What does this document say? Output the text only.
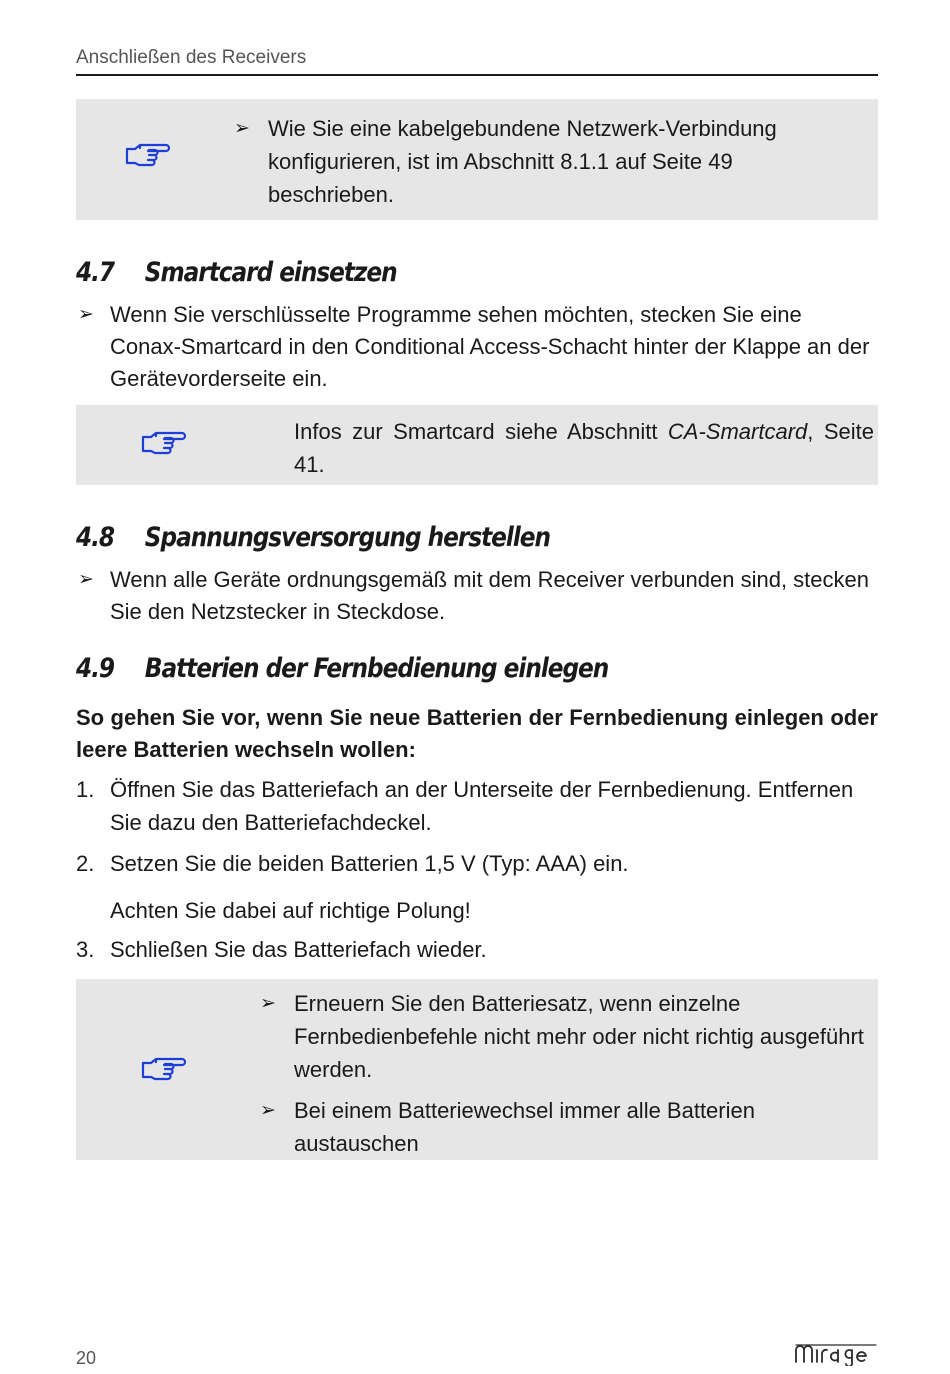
Anschließen des Receivers
➢ Wie Sie eine kabelgebundene Netzwerk-Verbindung konfigurieren, ist im Abschnitt 8.1.1 auf Seite 49 beschrieben.
4.7 Smartcard einsetzen
➢ Wenn Sie verschlüsselte Programme sehen möchten, stecken Sie eine Conax-Smartcard in den Conditional Access-Schacht hinter der Klappe an der Gerätevorderseite ein.
Infos zur Smartcard siehe Abschnitt CA-Smartcard, Seite 41.
4.8 Spannungsversorgung herstellen
➢ Wenn alle Geräte ordnungsgemäß mit dem Receiver verbunden sind, stecken Sie den Netzstecker in Steckdose.
4.9 Batterien der Fernbedienung einlegen
So gehen Sie vor, wenn Sie neue Batterien der Fernbedienung einlegen oder leere Batterien wechseln wollen:
1. Öffnen Sie das Batteriefach an der Unterseite der Fernbedienung. Entfernen Sie dazu den Batteriefachdeckel.
2. Setzen Sie die beiden Batterien 1,5 V (Typ: AAA) ein.
Achten Sie dabei auf richtige Polung!
3. Schließen Sie das Batteriefach wieder.
➢ Erneuern Sie den Batteriesatz, wenn einzelne Fernbedienbefehle nicht mehr oder nicht richtig ausgeführt werden.
➢ Bei einem Batteriewechsel immer alle Batterien austauschen
20
